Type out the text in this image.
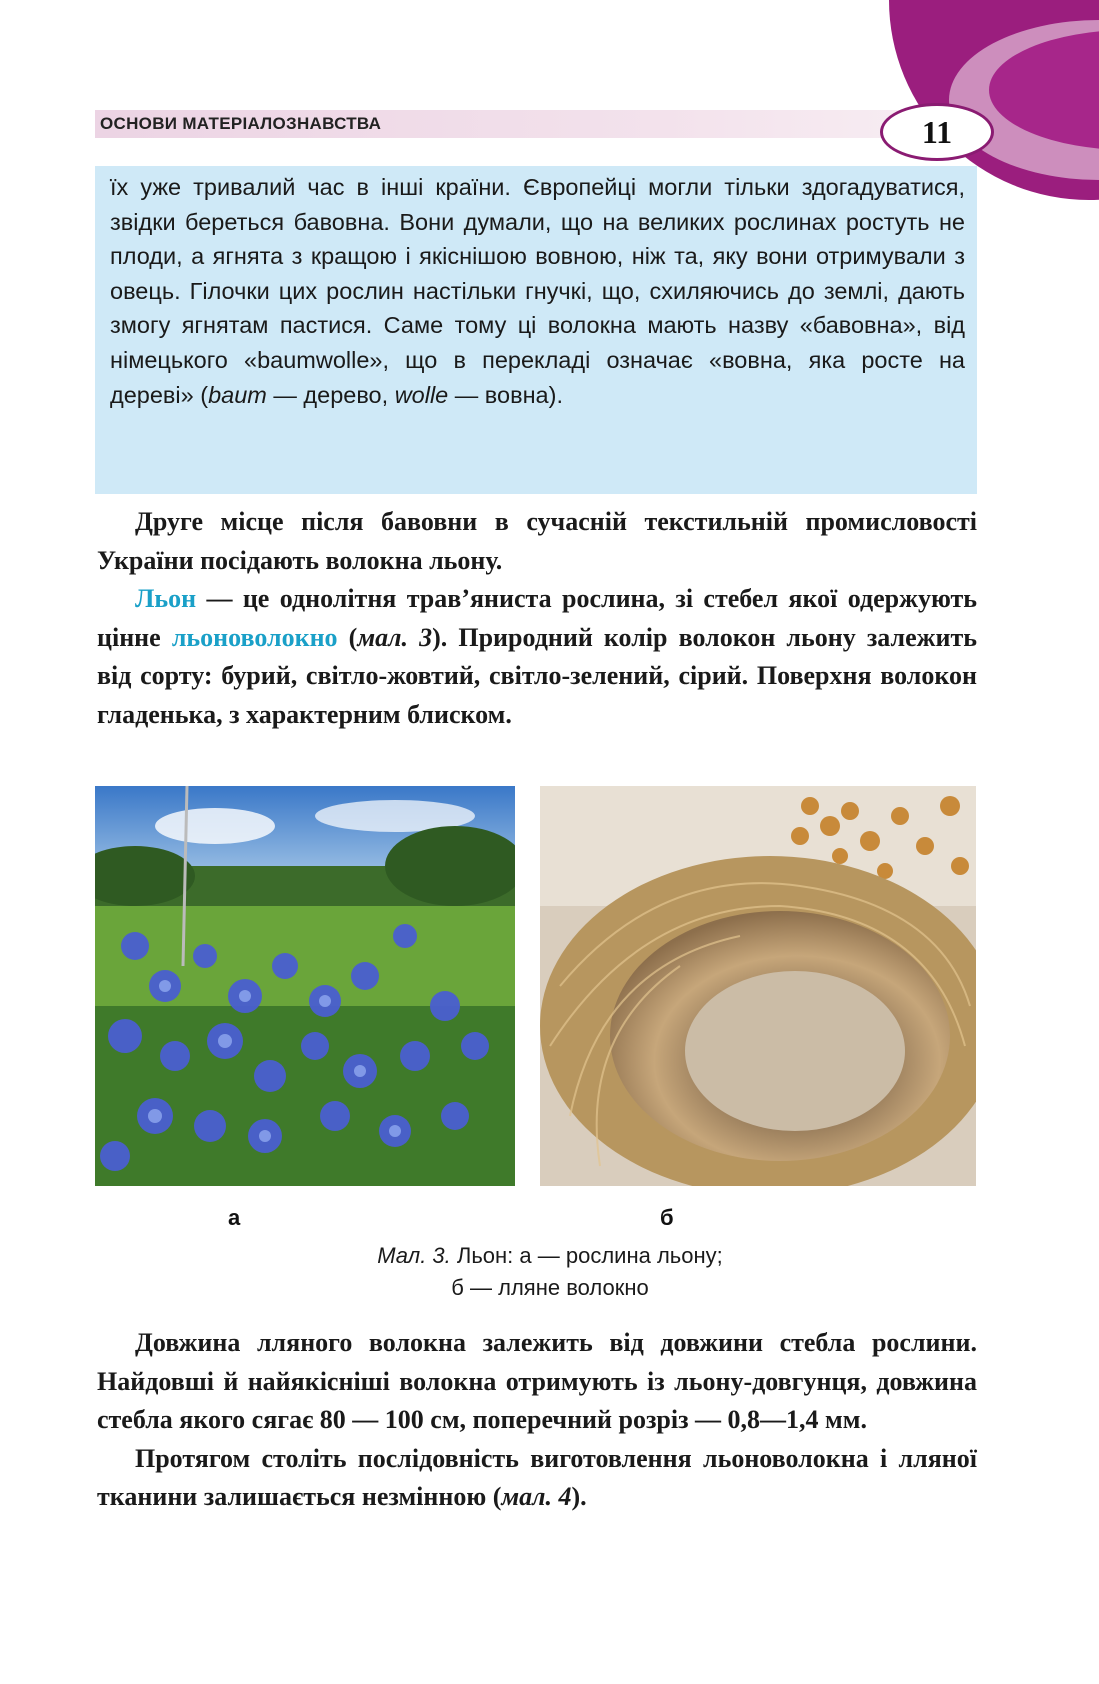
ОСНОВИ МАТЕРІАЛОЗНАВСТВА	11

їх уже тривалий час в інші країни. Європейці могли тільки здогадуватися, звідки береться бавовна. Вони думали, що на великих рослинах ростуть не плоди, а ягнята з кращою і якіснішою вовною, ніж та, яку вони отримували з овець. Гілочки цих рослин настільки гнучкі, що, схиляючись до землі, дають змогу ягнятам пастися. Саме тому ці волокна мають назву «бавовна», від німецького «baumwolle», що в перекладі означає «вовна, яка росте на дереві» (baum — дерево, wolle — вовна).

Друге місце після бавовни в сучасній текстильній промисловості України посідають волокна льону.

Льон — це однолітня трав’яниста рослина, зі стебел якої одержують цінне льоноволокно (мал. 3). Природний колір волокон льону залежить від сорту: бурий, світло-жовтий, світло-зелений, сірий. Поверхня волокон гладенька, з характерним блиском.

а	б
Мал. 3. Льон: а — рослина льону;
б — лляне волокно

Довжина лляного волокна залежить від довжини стебла рослини. Найдовші й найякісніші волокна отримують із льону-довгунця, довжина стебла якого сягає 80 — 100 см, поперечний розріз — 0,8—1,4 мм.

Протягом століть послідовність виготовлення льоноволокна і лляної тканини залишається незмінною (мал. 4).
